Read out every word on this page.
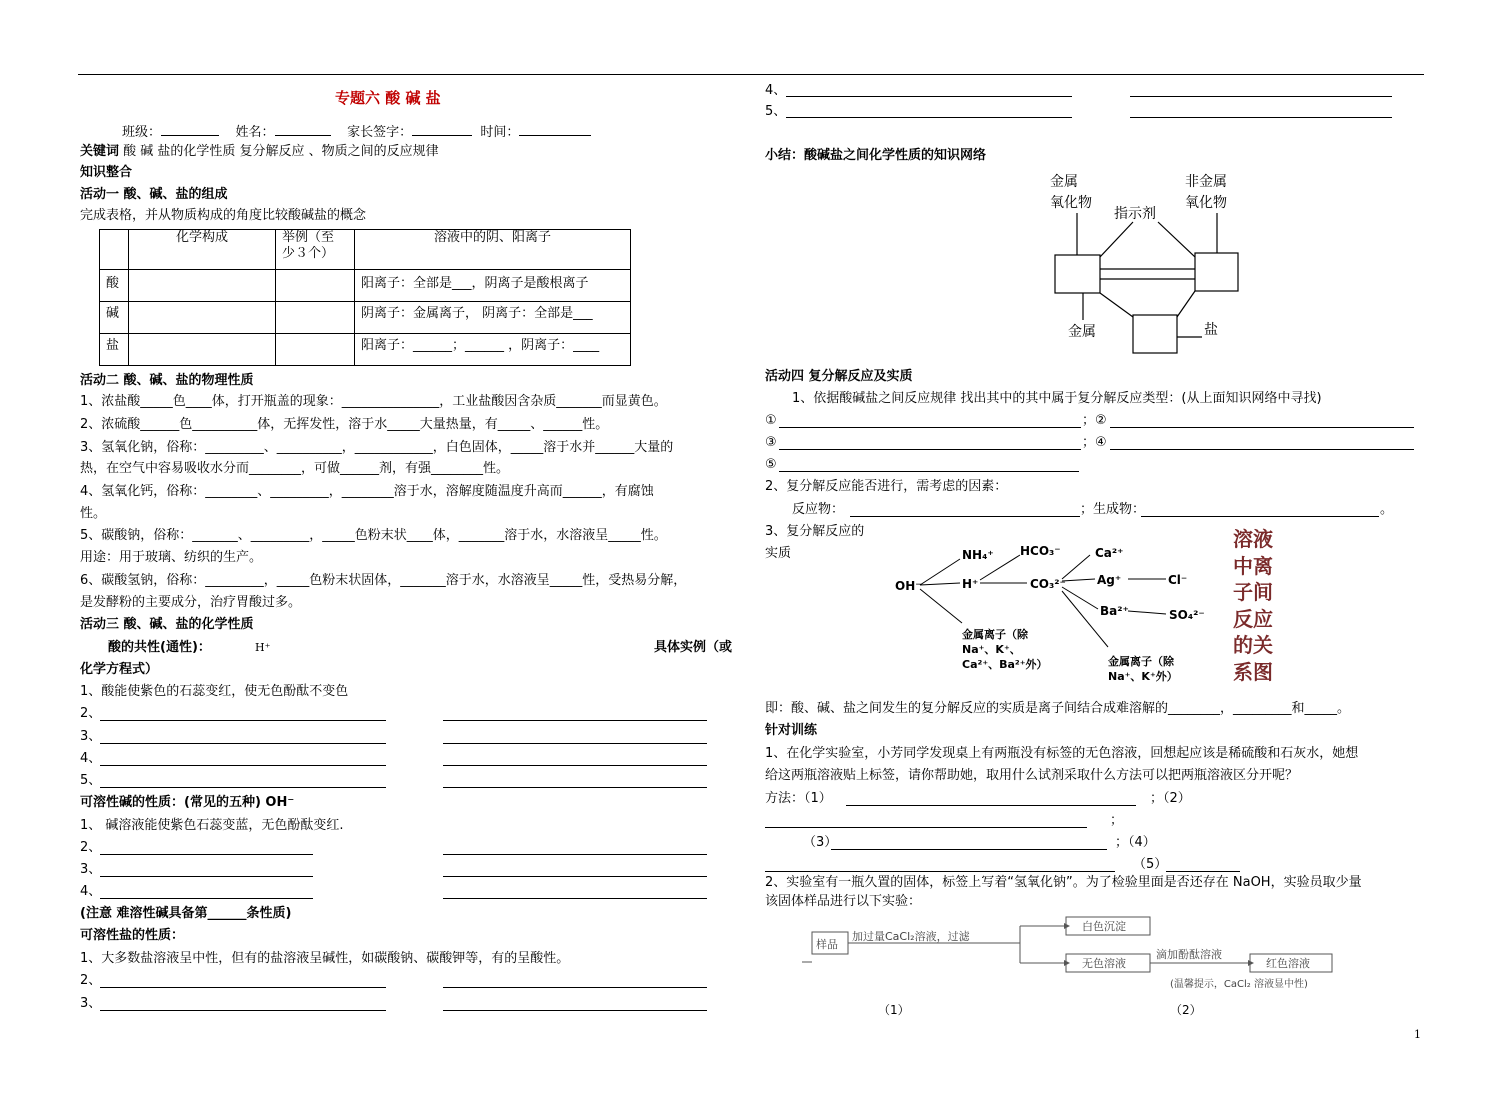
专题六 酸 碱 盐
班级：	姓名：	家长签字：	时间：
关键词 酸 碱 盐的化学性质 复分解反应 、物质之间的反应规律
知识整合
活动一 酸、碱、盐的组成
完成表格，并从物质构成的角度比较酸碱盐的概念
	化学构成	举例（至
少３个）	溶液中的阴、阳离子
酸			阳离子：全部是___，阴离子是酸根离子
碱			阴离子：金属离子， 阴离子：全部是___
盐			阳离子：______；______ ，阴离子：____
活动二 酸、碱、盐的物理性质
1、浓盐酸_____色____体，打开瓶盖的现象：_______________，工业盐酸因含杂质_______而显黄色。
2、浓硫酸______色__________体，无挥发性，溶于水_____大量热量，有_____、______性。
3、氢氧化钠，俗称：_________、__________，____________，白色固体，_____溶于水并______大量的
热，在空气中容易吸收水分而________，可做______剂，有强________性。
4、氢氧化钙，俗称：________、_________，________溶于水，溶解度随温度升高而______，有腐蚀
性。
5、碳酸钠，俗称：_______、_________，_____色粉末状____体，_______溶于水，水溶液呈_____性。
用途：用于玻璃、纺织的生产。
6、碳酸氢钠，俗称：_________，_____色粉末状固体，_______溶于水，水溶液呈_____性，受热易分解，
是发酵粉的主要成分，治疗胃酸过多。
活动三 酸、碱、盐的化学性质
酸的共性(通性)：	H⁺	具体实例（或
化学方程式）
1、酸能使紫色的石蕊变红，使无色酚酞不变色
2、
3、
4、
5、
可溶性碱的性质：(常见的五种) OH⁻
1、 碱溶液能使紫色石蕊变蓝，无色酚酞变红.
2、
3、
4、
(注意 难溶性碱具备第______条性质)
可溶性盐的性质：
1、大多数盐溶液呈中性，但有的盐溶液呈碱性，如碳酸钠、碳酸钾等，有的呈酸性。
2、
3、
4、
5、
小结：酸碱盐之间化学性质的知识网络
金属
氧化物
非金属
氧化物
指示剂
金属	盐
活动四 复分解反应及实质
1、依据酸碱盐之间反应规律 找出其中的其中属于复分解反应类型：(从上面知识网络中寻找)
①	；②
③	；④
⑤
2、复分解反应能否进行，需考虑的因素：
反应物：	；生成物：	。
3、复分解反应的
实质
OH⁻
NH₄⁺ HCO₃⁻
H⁺	CO₃²⁻
Ca²⁺
Ag⁺	Cl⁻
Ba²⁺	SO₄²⁻
金属离子（除
Na⁺、K⁺、
Ca²⁺、Ba²⁺外）	金属离子（除
Na⁺、K⁺外）
溶液
中离
子间
反应
的关
系图
即：酸、碱、盐之间发生的复分解反应的实质是离子间结合成难溶解的________，_________和_____。
针对训练
1、在化学实验室，小芳同学发现桌上有两瓶没有标签的无色溶液，回想起应该是稀硫酸和石灰水，她想
给这两瓶溶液贴上标签，请你帮助她，取用什么试剂采取什么方法可以把两瓶溶液区分开呢？
方法：（1）	；（2）
；
（3）	；（4）
（5）
2、实验室有一瓶久置的固体，标签上写着“氢氧化钠”。为了检验里面是否还存在 NaOH，实验员取少量
该固体样品进行以下实验：
样品
加过量CaCl₂溶液，过滤
白色沉淀
无色溶液
滴加酚酞溶液
红色溶液
(温馨提示，CaCl₂ 溶液显中性)
（1）	（2）
1
